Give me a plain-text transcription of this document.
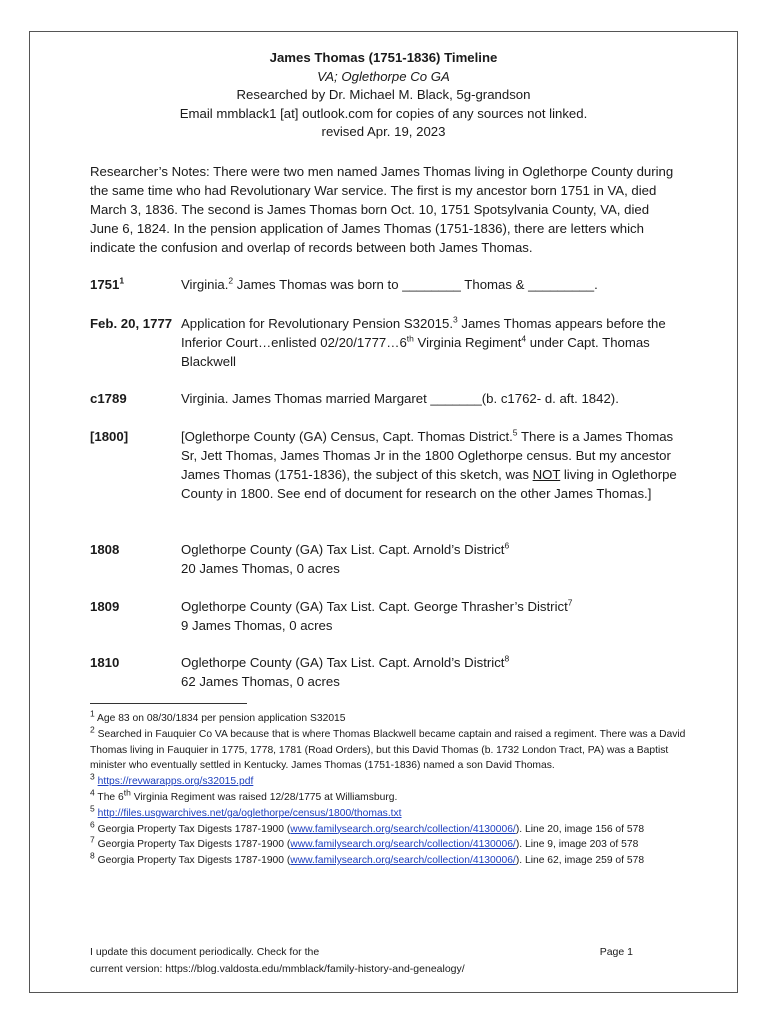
James Thomas (1751-1836) Timeline
VA; Oglethorpe Co GA
Researched by Dr. Michael M. Black, 5g-grandson
Email mmblack1 [at] outlook.com for copies of any sources not linked.
revised Apr. 19, 2023
Researcher’s Notes: There were two men named James Thomas living in Oglethorpe County during the same time who had Revolutionary War service. The first is my ancestor born 1751 in VA, died March 3, 1836. The second is James Thomas born Oct. 10, 1751 Spotsylvania County, VA, died June 6, 1824. In the pension application of James Thomas (1751-1836), there are letters which indicate the confusion and overlap of records between both James Thomas.
1751$^1$	Virginia.$^2$ James Thomas was born to ________ Thomas & _________.
Feb. 20, 1777 Application for Revolutionary Pension S32015.$^3$ James Thomas appears before the Inferior Court…enlisted 02/20/1777…6th Virginia Regiment$^4$ under Capt. Thomas Blackwell
c1789	Virginia. James Thomas married Margaret _______(b. c1762- d. aft. 1842).
[1800]	[Oglethorpe County (GA) Census, Capt. Thomas District.$^5$ There is a James Thomas Sr, Jett Thomas, James Thomas Jr in the 1800 Oglethorpe census. But my ancestor James Thomas (1751-1836), the subject of this sketch, was NOT living in Oglethorpe County in 1800. See end of document for research on the other James Thomas.]
1808	Oglethorpe County (GA) Tax List. Capt. Arnold’s District$^6$
20 James Thomas, 0 acres
1809	Oglethorpe County (GA) Tax List. Capt. George Thrasher’s District$^7$
9 James Thomas, 0 acres
1810	Oglethorpe County (GA) Tax List. Capt. Arnold’s District$^8$
62 James Thomas, 0 acres

$^1$ Age 83 on 08/30/1834 per pension application S32015

$^2$ Searched in Fauquier Co VA because that is where Thomas Blackwell became captain and raised a regiment. There was a David Thomas living in Fauquier in 1775, 1778, 1781 (Road Orders), but this David Thomas (b. 1732 London Tract, PA) was a Baptist minister who eventually settled in Kentucky. James Thomas (1751-1836) named a son David Thomas.

$^3$ https://revwarapps.org/s32015.pdf

$^4$ The 6th Virginia Regiment was raised 12/28/1775 at Williamsburg.

$^5$ http://files.usgwarchives.net/ga/oglethorpe/census/1800/thomas.txt

$^6$ Georgia Property Tax Digests 1787-1900 (www.familysearch.org/search/collection/4130006/). Line 20, image 156 of 578

$^7$ Georgia Property Tax Digests 1787-1900 (www.familysearch.org/search/collection/4130006/). Line 9, image 203 of 578

$^8$ Georgia Property Tax Digests 1787-1900 (www.familysearch.org/search/collection/4130006/). Line 62, image 259 of 578

I update this document periodically. Check for the
current version: https://blog.valdosta.edu/mmblack/family-history-and-genealogy/
Page 1
